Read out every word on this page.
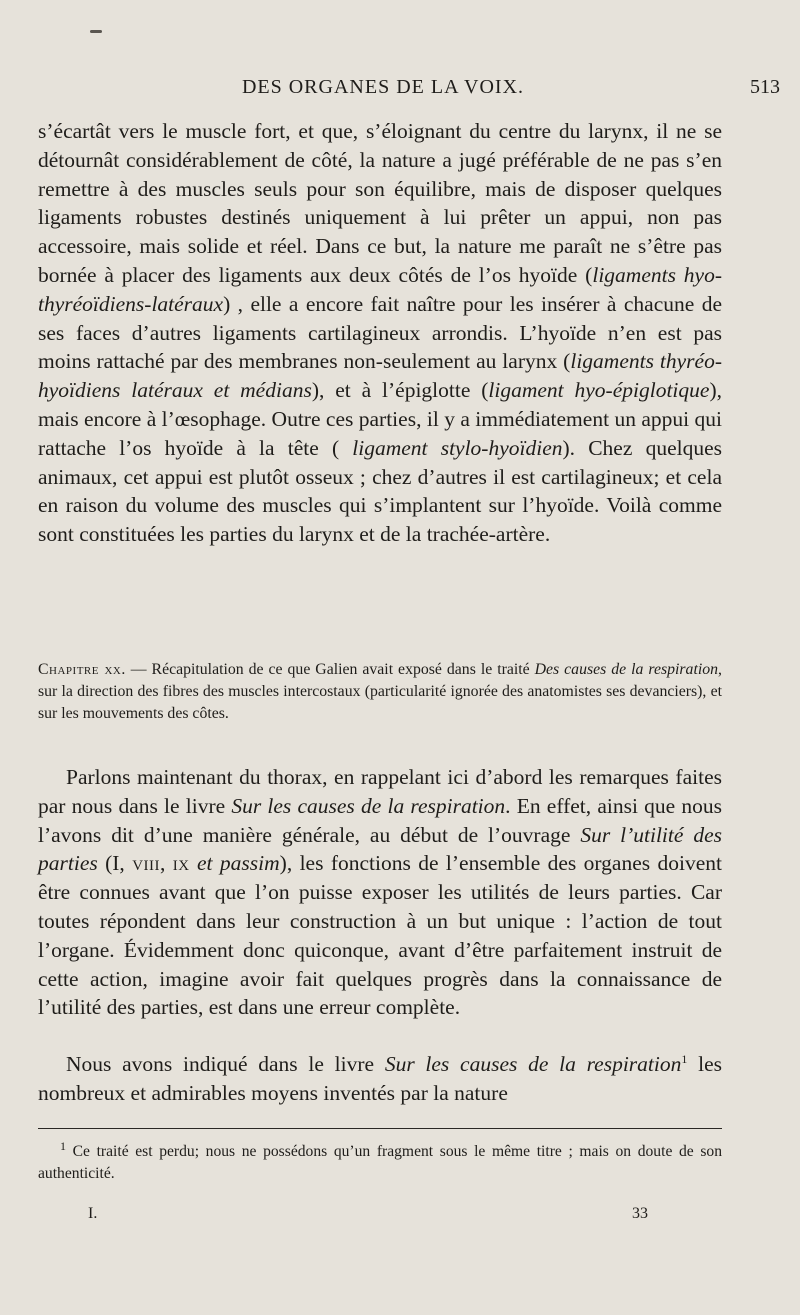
DES ORGANES DE LA VOIX.	513

s’écartât vers le muscle fort, et que, s’éloignant du centre du larynx, il ne se détournât considérablement de côté, la nature a jugé préférable de ne pas s’en remettre à des muscles seuls pour son équilibre, mais de disposer quelques ligaments robustes destinés uniquement à lui prêter un appui, non pas accessoire, mais solide et réel. Dans ce but, la nature me paraît ne s’être pas bornée à placer des ligaments aux deux côtés de l’os hyoïde (ligaments hyo-thyréoïdiens-latéraux) , elle a encore fait naître pour les insérer à chacune de ses faces d’autres ligaments cartilagineux arrondis. L’hyoïde n’en est pas moins rattaché par des membranes non-seulement au larynx (ligaments thyréo-hyoïdiens latéraux et médians), et à l’épiglotte (ligament hyo-épiglotique), mais encore à l’œsophage. Outre ces parties, il y a immédiatement un appui qui rattache l’os hyoïde à la tête ( ligament stylo-hyoïdien). Chez quelques animaux, cet appui est plutôt osseux ; chez d’autres il est cartilagineux; et cela en raison du volume des muscles qui s’implantent sur l’hyoïde. Voilà comme sont constituées les parties du larynx et de la trachée-artère.

Chapitre xx. — Récapitulation de ce que Galien avait exposé dans le traité Des causes de la respiration, sur la direction des fibres des muscles intercostaux (particularité ignorée des anatomistes ses devanciers), et sur les mouvements des côtes.

Parlons maintenant du thorax, en rappelant ici d’abord les remarques faites par nous dans le livre Sur les causes de la respiration. En effet, ainsi que nous l’avons dit d’une manière générale, au début de l’ouvrage Sur l’utilité des parties (I, viii, ix et passim), les fonctions de l’ensemble des organes doivent être connues avant que l’on puisse exposer les utilités de leurs parties. Car toutes répondent dans leur construction à un but unique : l’action de tout l’organe. Évidemment donc quiconque, avant d’être parfaitement instruit de cette action, imagine avoir fait quelques progrès dans la connaissance de l’utilité des parties, est dans une erreur complète.

Nous avons indiqué dans le livre Sur les causes de la respiration$^1$ les nombreux et admirables moyens inventés par la nature

$^1$ Ce traité est perdu; nous ne possédons qu’un fragment sous le même titre ; mais on doute de son authenticité.

I.	33
